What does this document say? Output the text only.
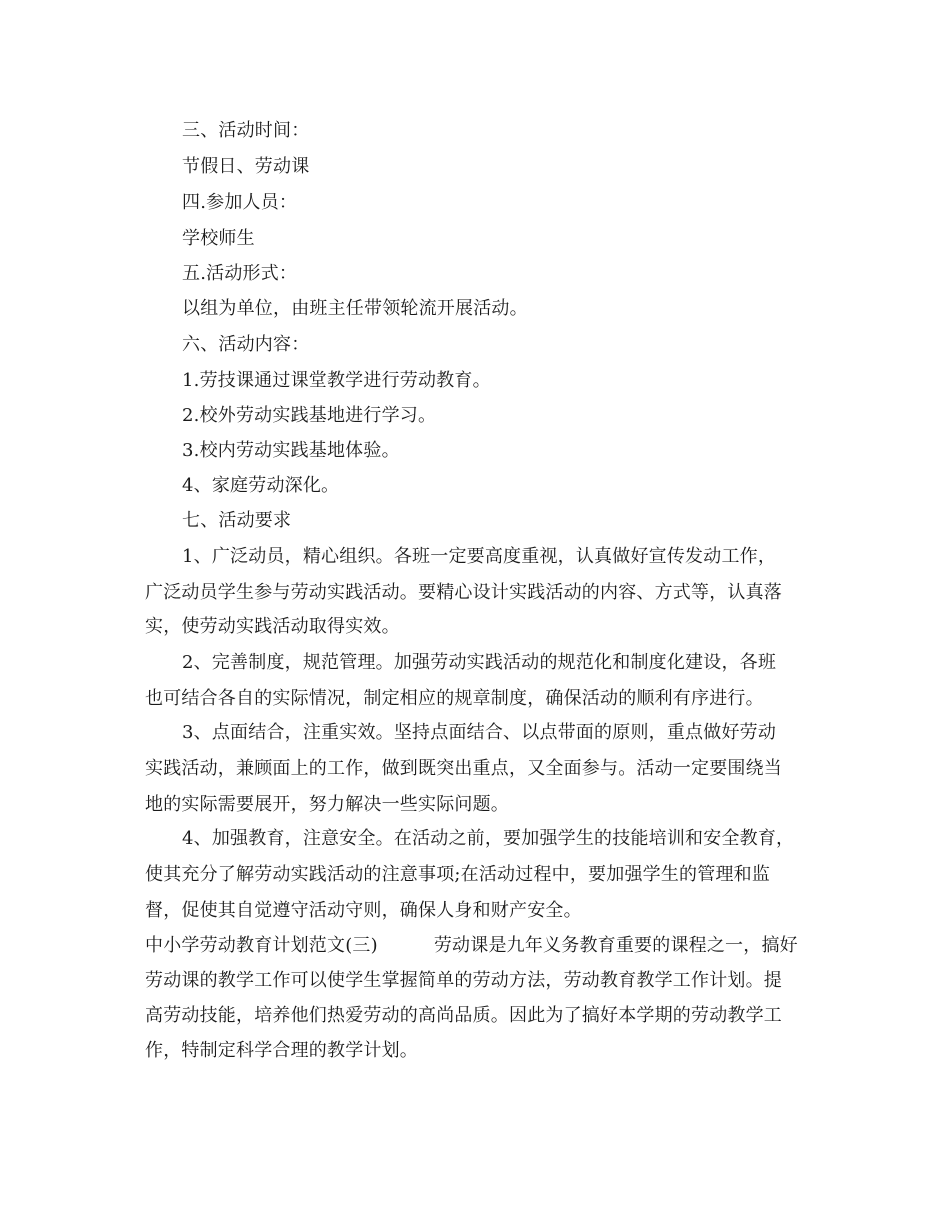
三、活动时间：
节假日、劳动课
四.参加人员：
学校师生
五.活动形式：
以组为单位，由班主任带领轮流开展活动。
六、活动内容：
1.劳技课通过课堂教学进行劳动教育。
2.校外劳动实践基地进行学习。
3.校内劳动实践基地体验。
4、家庭劳动深化。
七、活动要求
1、广泛动员，精心组织。各班一定要高度重视，认真做好宣传发动工作，
广泛动员学生参与劳动实践活动。要精心设计实践活动的内容、方式等，认真落
实，使劳动实践活动取得实效。
2、完善制度，规范管理。加强劳动实践活动的规范化和制度化建设，各班
也可结合各自的实际情况，制定相应的规章制度，确保活动的顺利有序进行。
3、点面结合，注重实效。坚持点面结合、以点带面的原则，重点做好劳动
实践活动，兼顾面上的工作，做到既突出重点，又全面参与。活动一定要围绕当
地的实际需要展开，努力解决一些实际问题。
4、加强教育，注意安全。在活动之前，要加强学生的技能培训和安全教育，
使其充分了解劳动实践活动的注意事项;在活动过程中，要加强学生的管理和监
督，促使其自觉遵守活动守则，确保人身和财产安全。
中小学劳动教育计划范文(三)	劳动课是九年义务教育重要的课程之一，搞好
劳动课的教学工作可以使学生掌握简单的劳动方法，劳动教育教学工作计划。提
高劳动技能，培养他们热爱劳动的高尚品质。因此为了搞好本学期的劳动教学工
作，特制定科学合理的教学计划。
